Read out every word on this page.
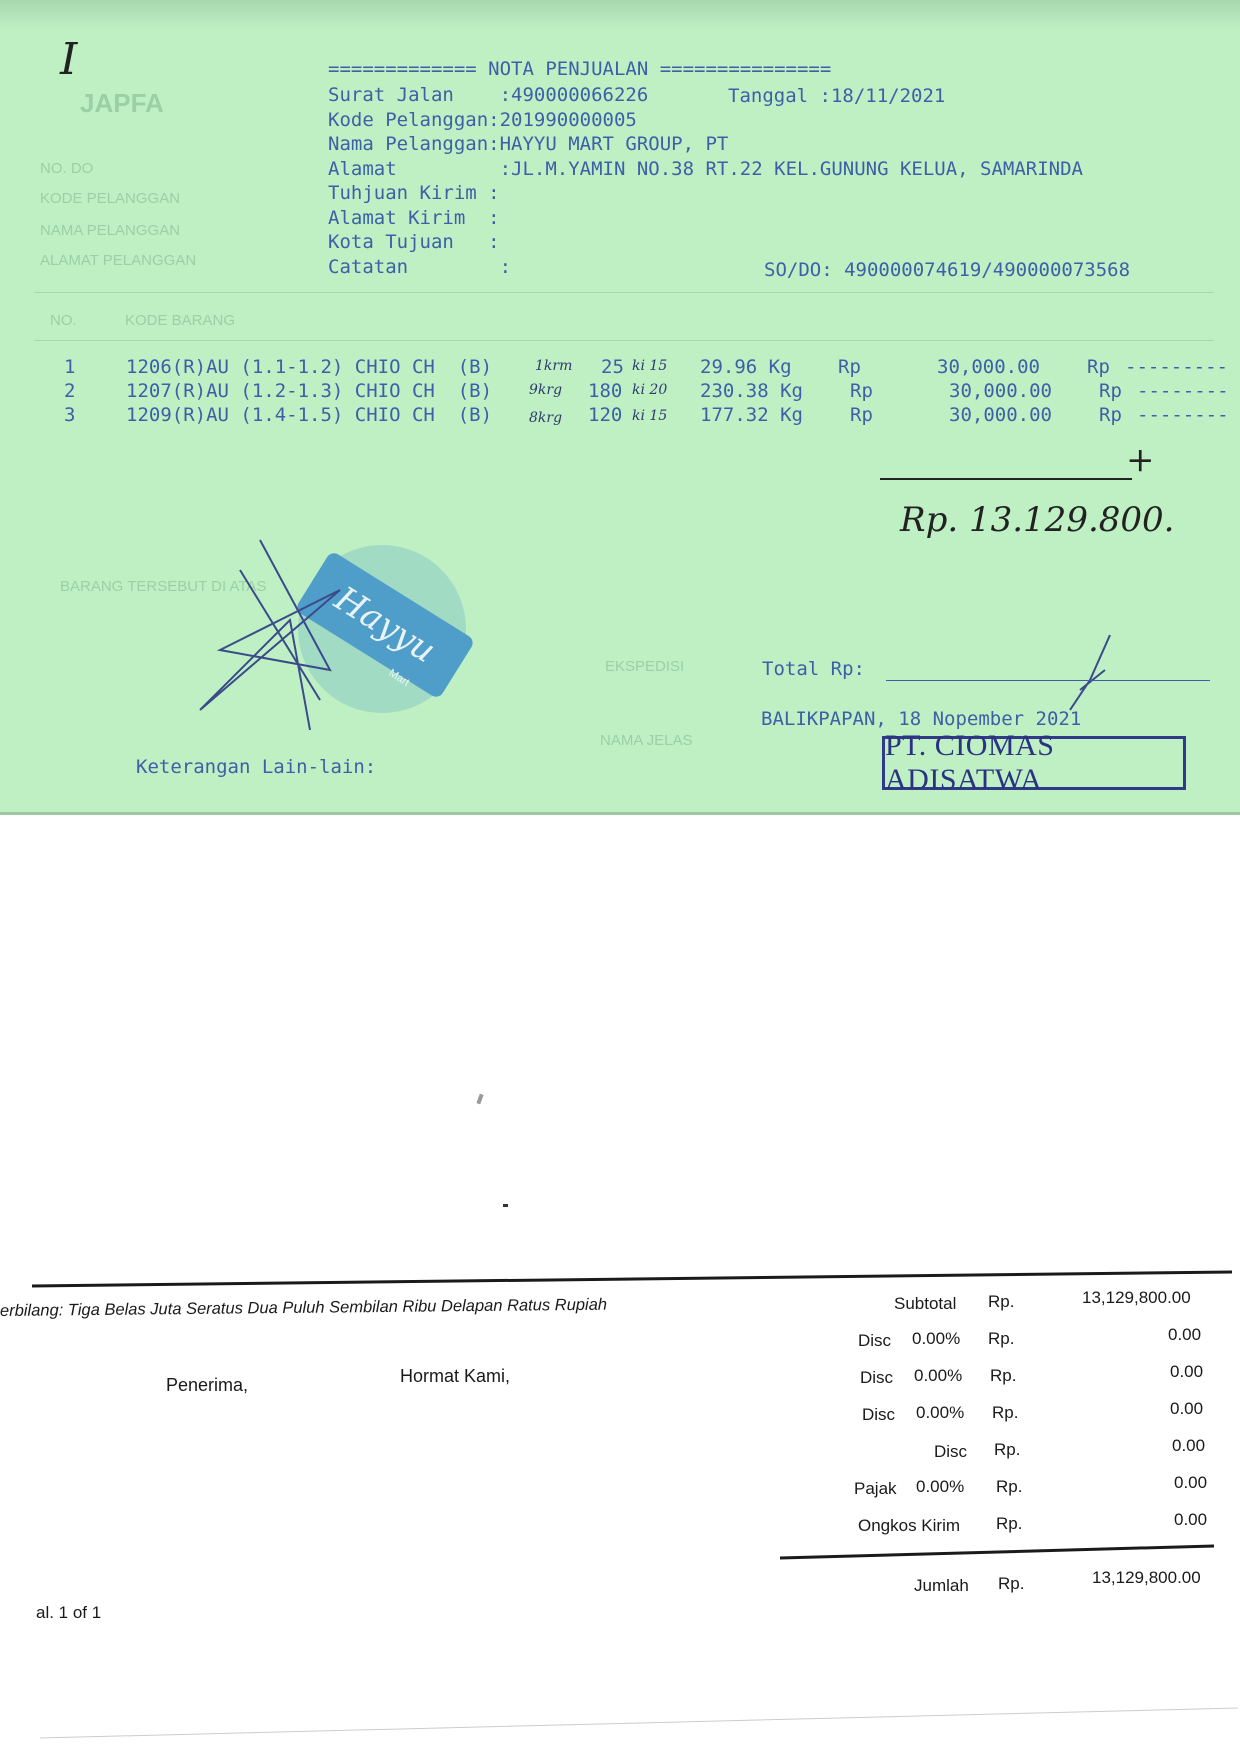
JAPFA
NO. DO
KODE PELANGGAN
NAMA PELANGGAN
ALAMAT PELANGGAN
NO.	KODE BARANG
BARANG TERSEBUT DI ATAS
EKSPEDISI
NAMA JELAS
I	============= NOTA PENJUALAN ===============
Surat Jalan    :490000066226
Kode Pelanggan:201990000005
Nama Pelanggan:HAYYU MART GROUP, PT
Alamat         :JL.M.YAMIN NO.38 RT.22 KEL.GUNUNG KELUA, SAMARINDA
Tuhjuan Kirim :
Alamat Kirim  :
Kota Tujuan   :
Catatan        :
Tanggal :18/11/2021
SO/DO: 490000074619/490000073568
1	1206(R)AU (1.1-1.2) CHIO CH  (B)	1krm 25 ki 15 29.96 Kg Rp	30,000.00 Rp ---------
2	1207(R)AU (1.2-1.3) CHIO CH  (B)	9krg 180 ki 20 230.38 Kg Rp	30,000.00 Rp --------
3	1209(R)AU (1.4-1.5) CHIO CH  (B)	8krg 120 ki 15 177.32 Kg Rp	30,000.00 Rp --------
+
Rp. 13.129.800.
Hayyu
Mart	Total Rp:
BALIKPAPAN, 18 Nopember 2021
PT. CIOMAS ADISATWA
Keterangan Lain-lain:
erbilang: Tiga Belas Juta Seratus Dua Puluh Sembilan Ribu Delapan Ratus Rupiah
Penerima,	Hormat Kami,
Subtotal Rp.	13,129,800.00
Disc 0.00% Rp.	0.00
Disc 0.00% Rp.	0.00
Disc 0.00% Rp.	0.00
Disc Rp.	0.00
Pajak 0.00% Rp.	0.00
Ongkos Kirim Rp.	0.00
Jumlah Rp.	13,129,800.00
al. 1 of 1
